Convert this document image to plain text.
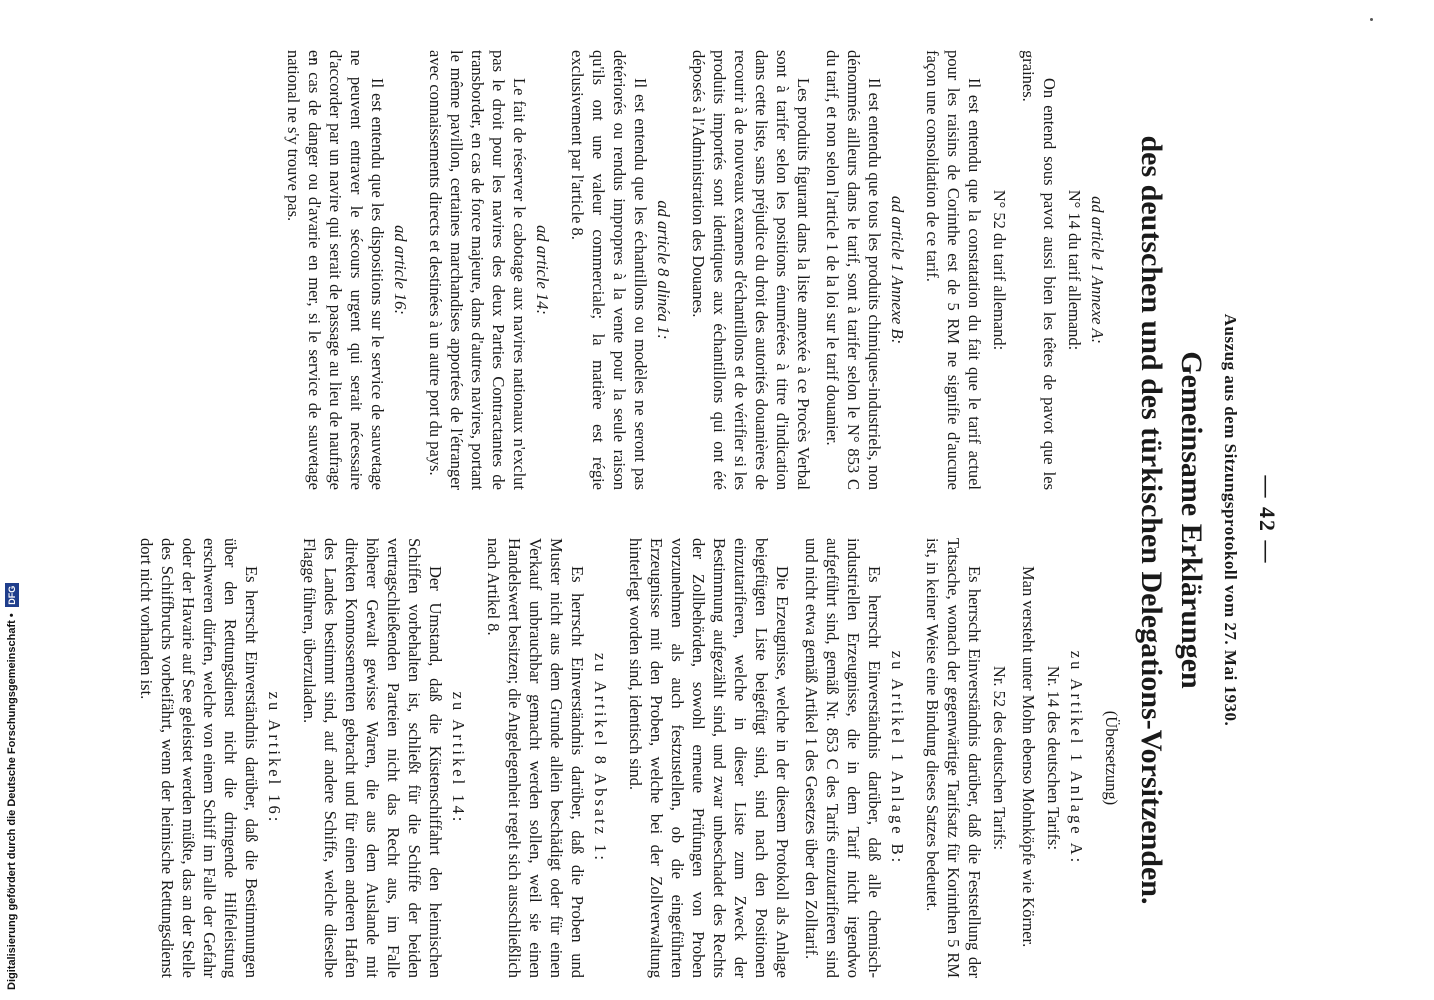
— 42 —
Auszug aus dem Sitzungsprotokoll vom 27. Mai 1930.
Gemeinsame Erklärungen
des deutschen und des türkischen Delegations-Vorsitzenden.
ad article 1 Annexe A:
N° 14 du tarif allemand:

On entend sous pavot aussi bien les têtes de pavot que les graines.

N° 52 du tarif allemand:

Il est entendu que la constatation du fait que le tarif actuel pour les raisins de Corinthe est de 5 RM ne signifie d'aucune façon une consolidation de ce tarif.

ad article 1 Annexe B:

Il est entendu que tous les produits chimiques-industriels, non dénommés ailleurs dans le tarif, sont à tarifer selon le N° 853 C du tarif, et non selon l'article 1 de la loi sur le tarif douanier.

Les produits figurant dans la liste annexée à ce Procès Verbal sont à tarifer selon les positions énumérées à titre d'indication dans cette liste, sans préjudice du droit des autorités douanières de recourir à de nouveaux examens d'échantillons et de vérifier si les produits importés sont identiques aux échantillons qui ont été déposés à l'Administration des Douanes.

ad article 8 alinéa 1:

Il est entendu que les échantillons ou modèles ne seront pas détériorés ou rendus impropres à la vente pour la seule raison qu'ils ont une valeur commerciale; la matière est régie exclusivement par l'article 8.

ad article 14:

Le fait de réserver le cabotage aux navires nationaux n'exclut pas le droit pour les navires des deux Parties Contractantes de transborder, en cas de force majeure, dans d'autres navires, portant le même pavillon, certaines marchandises apportées de l'étranger avec connaissements directs et destinées à un autre port du pays.

ad article 16:

Il est entendu que les dispositions sur le service de sauvetage ne peuvent entraver le sécours urgent qui serait nécessaire d'accorder par un navire qui serait de passage au lieu de naufrage en cas de danger ou d'avarie en mer, si le service de sauvetage national ne s'y trouve pas.

(Übersetzung)
zu Artikel 1 Anlage A:
Nr. 14 des deutschen Tarifs:

Man versteht unter Mohn ebenso Mohnköpfe wie Körner.

Nr. 52 des deutschen Tarifs:

Es herrscht Einverständnis darüber, daß die Feststellung der Tatsache, wonach der gegenwärtige Tarifsatz für Korinthen 5 RM ist, in keiner Weise eine Bindung dieses Satzes bedeutet.

zu Artikel 1 Anlage B:

Es herrscht Einverständnis darüber, daß alle chemisch-industriellen Erzeugnisse, die in dem Tarif nicht irgendwo aufgeführt sind, gemäß Nr. 853 C des Tarifs einzutarifieren sind und nicht etwa gemäß Artikel 1 des Gesetzes über den Zolltarif.

Die Erzeugnisse, welche in der diesem Protokoll als Anlage beigefügten Liste beigefügt sind, sind nach den Positionen einzutarifieren, welche in dieser Liste zum Zweck der Bestimmung aufgezählt sind, und zwar unbeschadet des Rechts der Zollbehörden, sowohl erneute Prüfungen von Proben vorzunehmen als auch festzustellen, ob die eingeführten Erzeugnisse mit den Proben, welche bei der Zollverwaltung hinterlegt worden sind, identisch sind.

zu Artikel 8 Absatz 1:

Es herrscht Einverständnis darüber, daß die Proben und Muster nicht aus dem Grunde allein beschädigt oder für einen Verkauf unbrauchbar gemacht werden sollen, weil sie einen Handelswert besitzen; die Angelegenheit regelt sich ausschließlich nach Artikel 8.

zu Artikel 14:

Der Umstand, daß die Küstenschiffahrt den heimischen Schiffen vorbehalten ist, schließt für die Schiffe der beiden vertragschließenden Parteien nicht das Recht aus, im Falle höherer Gewalt gewisse Waren, die aus dem Auslande mit direkten Konnossementen gebracht und für einen anderen Hafen des Landes bestimmt sind, auf andere Schiffe, welche dieselbe Flagge führen, überzuladen.

zu Artikel 16:

Es herrscht Einverständnis darüber, daß die Bestimmungen über den Rettungsdienst nicht die dringende Hilfeleistung erschweren dürfen, welche von einem Schiff im Falle der Gefahr oder der Havarie auf See geleistet werden müßte, das an der Stelle des Schiffbruchs vorbeifährt, wenn der heimische Rettungsdienst dort nicht vorhanden ist.

Digitalisierung gefördert durch die Deutsche Forschungsgemeinschaft •
DFG
